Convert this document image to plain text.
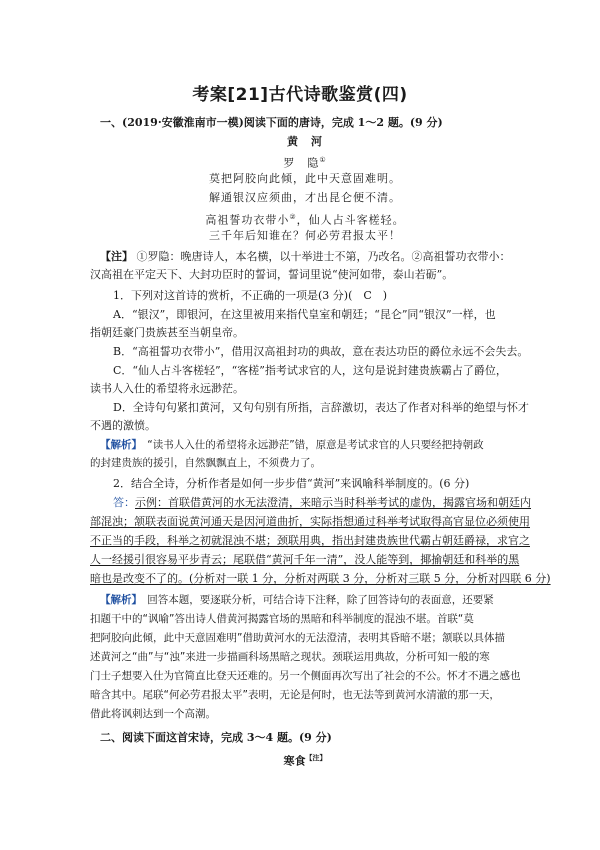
考案[21]古代诗歌鉴赏(四)
一、(2019·安徽淮南市一模)阅读下面的唐诗，完成 1～2 题。(9 分)
黄　河
罗　隐①
莫把阿胶向此倾，此中天意固难明。
解通银汉应须曲，才出昆仑便不清。
高祖誓功衣带小②，仙人占斗客槎轻。
三千年后知谁在？何必劳君报太平！
【注】 ①罗隐：晚唐诗人，本名横，以十举进士不第，乃改名。②高祖誓功衣带小：
汉高祖在平定天下、大封功臣时的誓词，誓词里说“使河如带，泰山若砺”。
1．下列对这首诗的赏析，不正确的一项是(3 分)(　C　)
A．“银汉”，即银河，在这里被用来指代皇室和朝廷；“昆仑”同“银汉”一样，也
指朝廷豪门贵族甚至当朝皇帝。
B．“高祖誓功衣带小”，借用汉高祖封功的典故，意在表达功臣的爵位永远不会失去。
C．“仙人占斗客槎轻”，“客槎”指考试求官的人，这句是说封建贵族霸占了爵位，
读书人入仕的希望将永远渺茫。
D．全诗句句紧扣黄河，又句句别有所指，言辞激切，表达了作者对科举的绝望与怀才
不遇的激愤。
【解析】　 “读书人入仕的希望将永远渺茫”错，原意是考试求官的人只要经把持朝政
的封建贵族的援引，自然飘飘直上，不须费力了。
2．结合全诗，分析作者是如何一步步借“黄河”来讽喻科举制度的。(6 分)
答：示例：首联借黄河的水无法澄清，来暗示当时科举考试的虚伪，揭露官场和朝廷内
部混浊；颔联表面说黄河通天是因河道曲折，实际指想通过科举考试取得高官显位必须使用
不正当的手段，科举之初就混浊不堪；颈联用典，指出封建贵族世代霸占朝廷爵禄，求官之
人一经援引很容易平步青云；尾联借“黄河千年一清”，没人能等到，揶揄朝廷和科举的黑
暗也是改变不了的。(分析对一联 1 分，分析对两联 3 分，分析对三联 5 分，分析对四联 6 分)
【解析】　 回答本题，要逐联分析，可结合诗下注释，除了回答诗句的表面意，还要紧
扣题干中的“讽喻”答出诗人借黄河揭露官场的黑暗和科举制度的混浊不堪。首联“莫
把阿胶向此倾，此中天意固难明”借助黄河水的无法澄清，表明其昏暗不堪；颔联以具体描
述黄河之“曲”与“浊”来进一步描画科场黑暗之现状。颈联运用典故，分析可知一般的寒
门士子想要入仕为官简直比登天还难的。另一个侧面再次写出了社会的不公。怀才不遇之感也
暗含其中。尾联“何必劳君报太平”表明，无论是何时，也无法等到黄河水清澈的那一天，
借此将讽刺达到一个高潮。
二、阅读下面这首宋诗，完成 3～4 题。(9 分)
寒食$^{【注】}$
